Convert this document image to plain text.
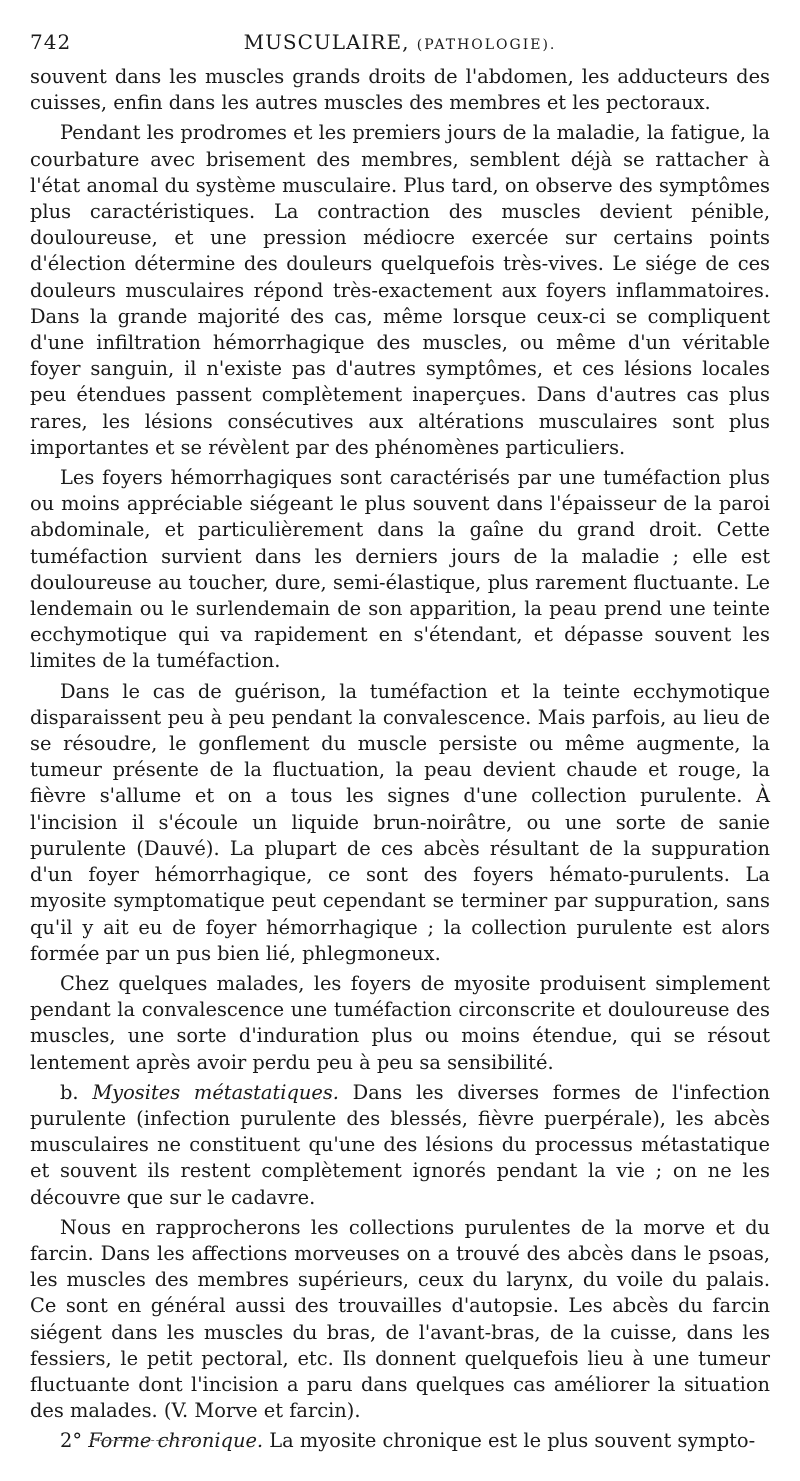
742	MUSCULAIRE, (PATHOLOGIE).

souvent dans les muscles grands droits de l'abdomen, les adducteurs des cuisses, enfin dans les autres muscles des membres et les pectoraux.

Pendant les prodromes et les premiers jours de la maladie, la fatigue, la courbature avec brisement des membres, semblent déjà se rattacher à l'état anomal du système musculaire. Plus tard, on observe des symptômes plus caractéristiques. La contraction des muscles devient pénible, douloureuse, et une pression médiocre exercée sur certains points d'élection détermine des douleurs quelquefois très-vives. Le siége de ces douleurs musculaires répond très-exactement aux foyers inflammatoires. Dans la grande majorité des cas, même lorsque ceux-ci se compliquent d'une infiltration hémorrhagique des muscles, ou même d'un véritable foyer sanguin, il n'existe pas d'autres symptômes, et ces lésions locales peu étendues passent complètement inaperçues. Dans d'autres cas plus rares, les lésions consécutives aux altérations musculaires sont plus importantes et se révèlent par des phénomènes particuliers.

Les foyers hémorrhagiques sont caractérisés par une tuméfaction plus ou moins appréciable siégeant le plus souvent dans l'épaisseur de la paroi abdominale, et particulièrement dans la gaîne du grand droit. Cette tuméfaction survient dans les derniers jours de la maladie ; elle est douloureuse au toucher, dure, semi-élastique, plus rarement fluctuante. Le lendemain ou le surlendemain de son apparition, la peau prend une teinte ecchymotique qui va rapidement en s'étendant, et dépasse souvent les limites de la tuméfaction.

Dans le cas de guérison, la tuméfaction et la teinte ecchymotique disparaissent peu à peu pendant la convalescence. Mais parfois, au lieu de se résoudre, le gonflement du muscle persiste ou même augmente, la tumeur présente de la fluctuation, la peau devient chaude et rouge, la fièvre s'allume et on a tous les signes d'une collection purulente. À l'incision il s'écoule un liquide brun-noirâtre, ou une sorte de sanie purulente (Dauvé). La plupart de ces abcès résultant de la suppuration d'un foyer hémorrhagique, ce sont des foyers hémato-purulents. La myosite symptomatique peut cependant se terminer par suppuration, sans qu'il y ait eu de foyer hémorrhagique ; la collection purulente est alors formée par un pus bien lié, phlegmoneux.

Chez quelques malades, les foyers de myosite produisent simplement pendant la convalescence une tuméfaction circonscrite et douloureuse des muscles, une sorte d'induration plus ou moins étendue, qui se résout lentement après avoir perdu peu à peu sa sensibilité.

b. Myosites métastatiques. Dans les diverses formes de l'infection purulente (infection purulente des blessés, fièvre puerpérale), les abcès musculaires ne constituent qu'une des lésions du processus métastatique et souvent ils restent complètement ignorés pendant la vie ; on ne les découvre que sur le cadavre.

Nous en rapprocherons les collections purulentes de la morve et du farcin. Dans les affections morveuses on a trouvé des abcès dans le psoas, les muscles des membres supérieurs, ceux du larynx, du voile du palais. Ce sont en général aussi des trouvailles d'autopsie. Les abcès du farcin siégent dans les muscles du bras, de l'avant-bras, de la cuisse, dans les fessiers, le petit pectoral, etc. Ils donnent quelquefois lieu à une tumeur fluctuante dont l'incision a paru dans quelques cas améliorer la situation des malades. (V. Morve et farcin).

2° Forme chronique. La myosite chronique est le plus souvent sympto-
